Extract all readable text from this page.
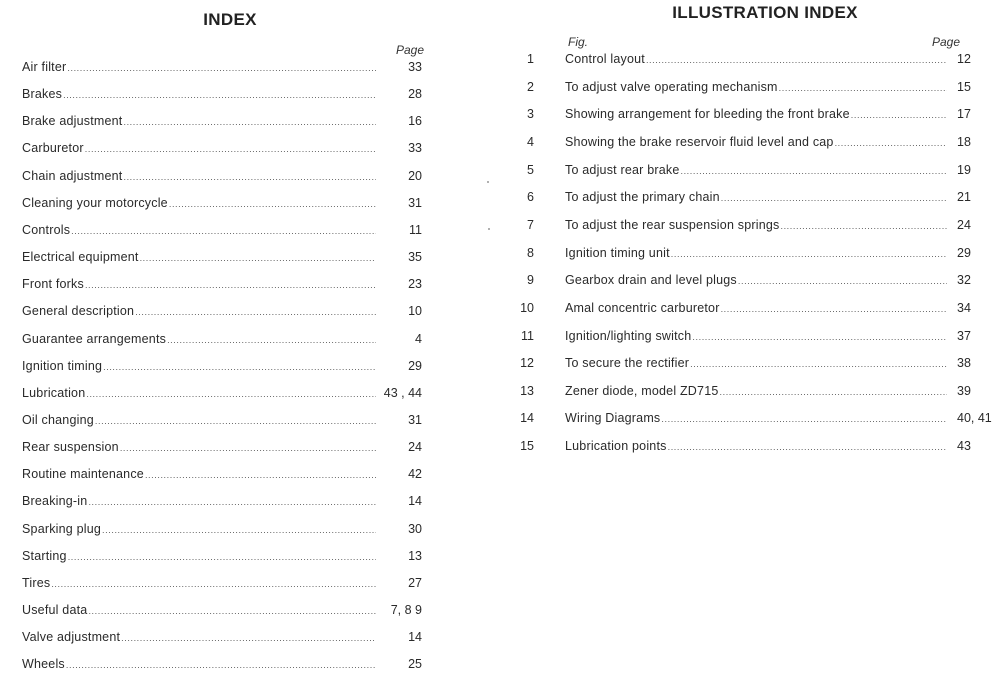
INDEX
Page
Air filter .....	33
Brakes .....	28
Brake adjustment .....	16
Carburetor .....	33
Chain adjustment .....	20
Cleaning your motorcycle .....	31
Controls .....	11
Electrical equipment .....	35
Front forks .....	23
General description .....	10
Guarantee arrangements .....	4
Ignition timing .....	29
Lubrication .....	43 , 44
Oil changing .....	31
Rear suspension .....	24
Routine maintenance .....	42
Breaking-in .....	14
Sparking plug .....	30
Starting .....	13
Tires .....	27
Useful data .....	7, 8 9
Valve adjustment .....	14
Wheels .....	25
ILLUSTRATION INDEX
Fig.	Page
1 Control layout .....	12
2 To adjust valve operating mechanism .....	15
3 Showing arrangement for bleeding the front brake .....	17
4 Showing the brake reservoir fluid level and cap .....	18
5 To adjust rear brake .....	19
6 To adjust the primary chain .....	21
7 To adjust the rear suspension springs .....	24
8 Ignition timing unit .....	29
9 Gearbox drain and level plugs .....	32
10 Amal concentric carburetor .....	34
11 Ignition/lighting switch .....	37
12 To secure the rectifier .....	38
13 Zener diode, model ZD715 .....	39
14 Wiring Diagrams .....	40, 41
15 Lubrication points .....	43
